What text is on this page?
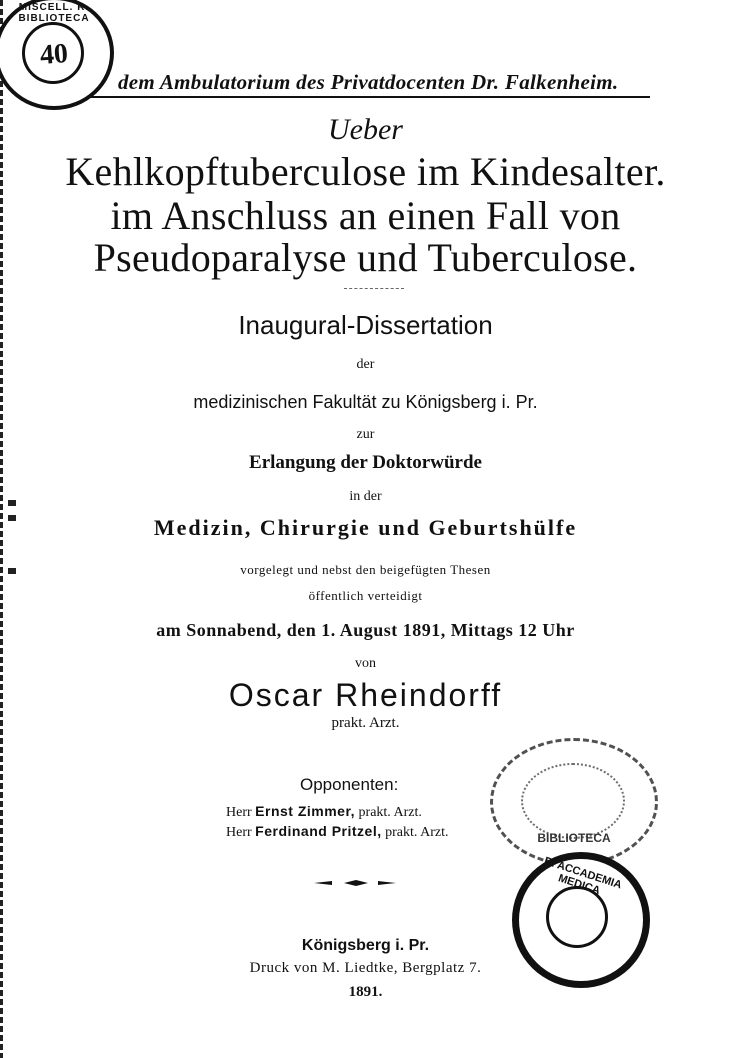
MISCELL. R. BIBLIOTECA
40
dem Ambulatorium des Privatdocenten Dr. Falkenheim.
Ueber
Kehlkopftuberculose im Kindesalter.
im Anschluss an einen Fall von
Pseudoparalyse und Tuberculose.
Inaugural-Dissertation
der
medizinischen Fakultät zu Königsberg i. Pr.
zur
Erlangung der Doktorwürde
in der
Medizin, Chirurgie und Geburtshülfe
vorgelegt und nebst den beigefügten Thesen
öffentlich verteidigt
am Sonnabend, den 1. August 1891, Mittags 12 Uhr
von
Oscar Rheindorff
prakt. Arzt.
BIBLIOTECA
Opponenten:
Herr Ernst Zimmer, prakt. Arzt.
Herr Ferdinand Pritzel, prakt. Arzt.
R. ACCADEMIA MEDICA
Königsberg i. Pr.
Druck von M. Liedtke, Bergplatz 7.
1891.
